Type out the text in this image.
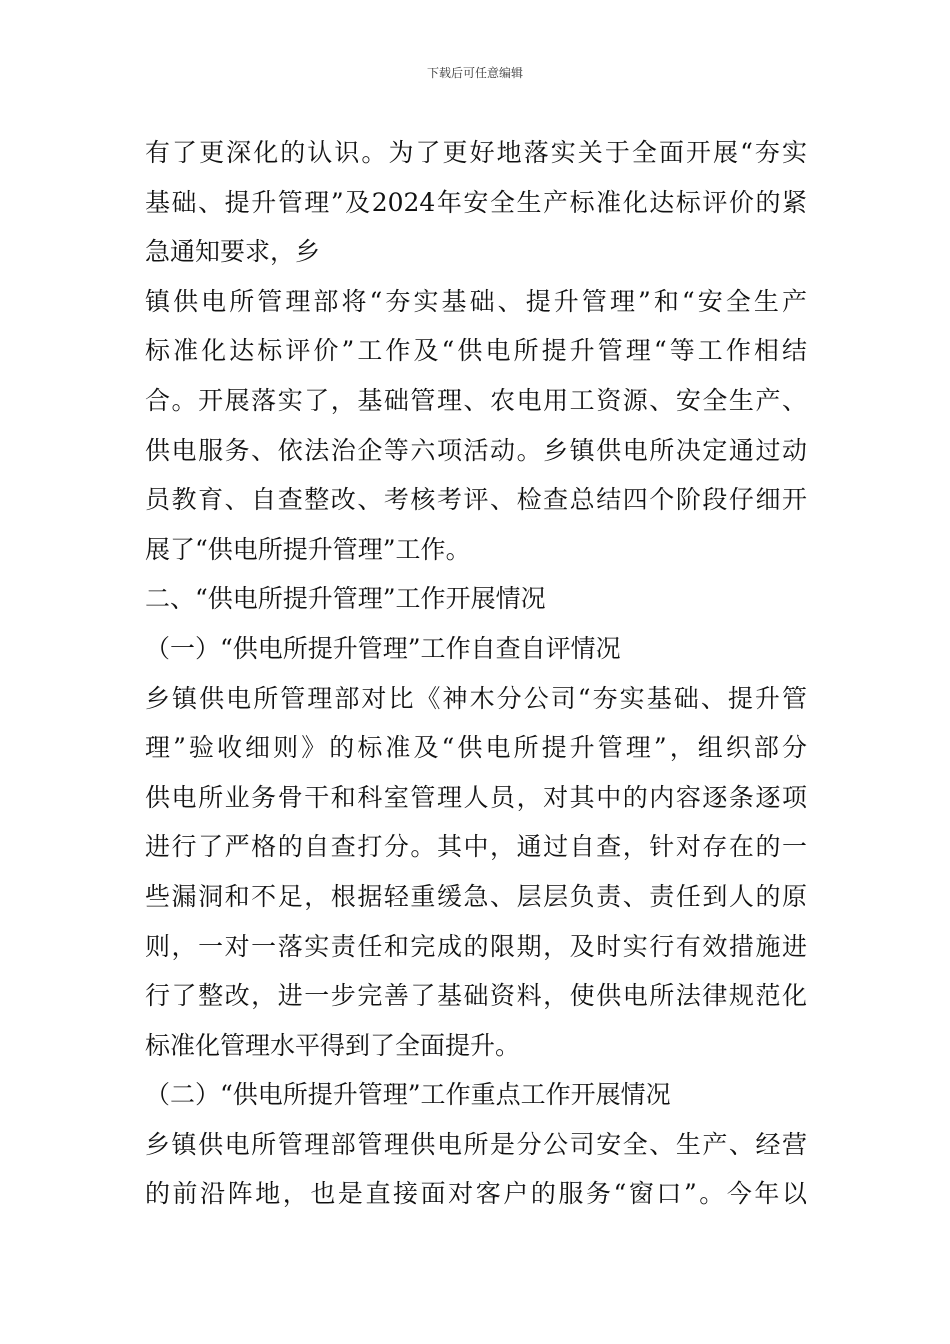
下载后可任意编辑
有了更深化的认识。为了更好地落实关于全面开展“夯实
基础、提升管理”及2024年安全生产标准化达标评价的紧
急通知要求，乡
镇供电所管理部将“夯实基础、提升管理”和“安全生产
标准化达标评价”工作及“供电所提升管理“等工作相结
合。开展落实了，基础管理、农电用工资源、安全生产、
供电服务、依法治企等六项活动。乡镇供电所决定通过动
员教育、自查整改、考核考评、检查总结四个阶段仔细开
展了“供电所提升管理”工作。
二、“供电所提升管理”工作开展情况
（一）“供电所提升管理”工作自查自评情况
乡镇供电所管理部对比《神木分公司“夯实基础、提升管
理”验收细则》的标准及“供电所提升管理”，组织部分
供电所业务骨干和科室管理人员，对其中的内容逐条逐项
进行了严格的自查打分。其中，通过自查，针对存在的一
些漏洞和不足，根据轻重缓急、层层负责、责任到人的原
则，一对一落实责任和完成的限期，及时实行有效措施进
行了整改，进一步完善了基础资料，使供电所法律规范化
标准化管理水平得到了全面提升。
（二）“供电所提升管理”工作重点工作开展情况
乡镇供电所管理部管理供电所是分公司安全、生产、经营
的前沿阵地，也是直接面对客户的服务“窗口”。今年以
